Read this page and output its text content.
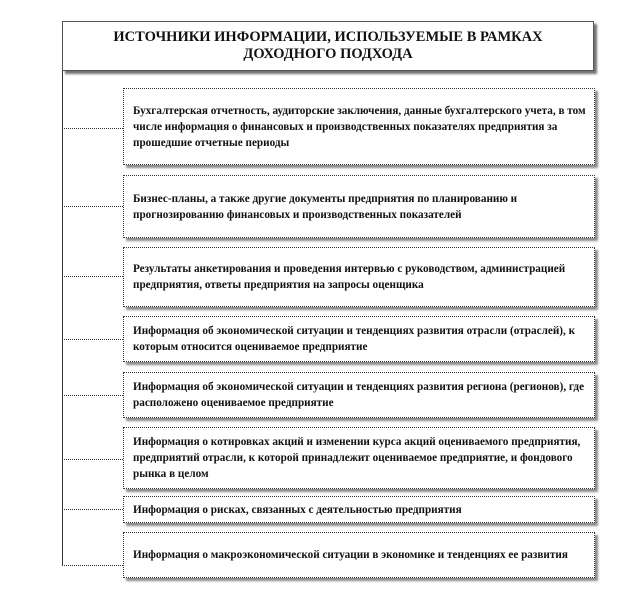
ИСТОЧНИКИ ИНФОРМАЦИИ, ИСПОЛЬЗУЕМЫЕ В РАМКАХ ДОХОДНОГО ПОДХОДА
Бухгалтерская отчетность, аудиторские заключения, данные бухгалтерского учета, в том числе информация о финансовых и производственных показателях предприятия за прошедшие отчетные периоды
Бизнес-планы, а также другие документы предприятия по планированию и прогнозированию финансовых и производственных показателей
Результаты анкетирования и проведения интервью с руководством, администрацией предприятия, ответы предприятия на запросы оценщика
Информация об экономической ситуации и тенденциях развития отрасли (отраслей), к которым относится оцениваемое предприятие
Информация об экономической ситуации и тенденциях развития региона (регионов), где расположено оцениваемое предприятие
Информация о котировках акций и изменении курса акций оцениваемого предприятия, предприятий отрасли, к которой принадлежит оцениваемое предприятие, и фондового рынка в целом
Информация о рисках, связанных с деятельностью предприятия
Информация о макроэкономической ситуации в экономике и тенденциях ее развития
